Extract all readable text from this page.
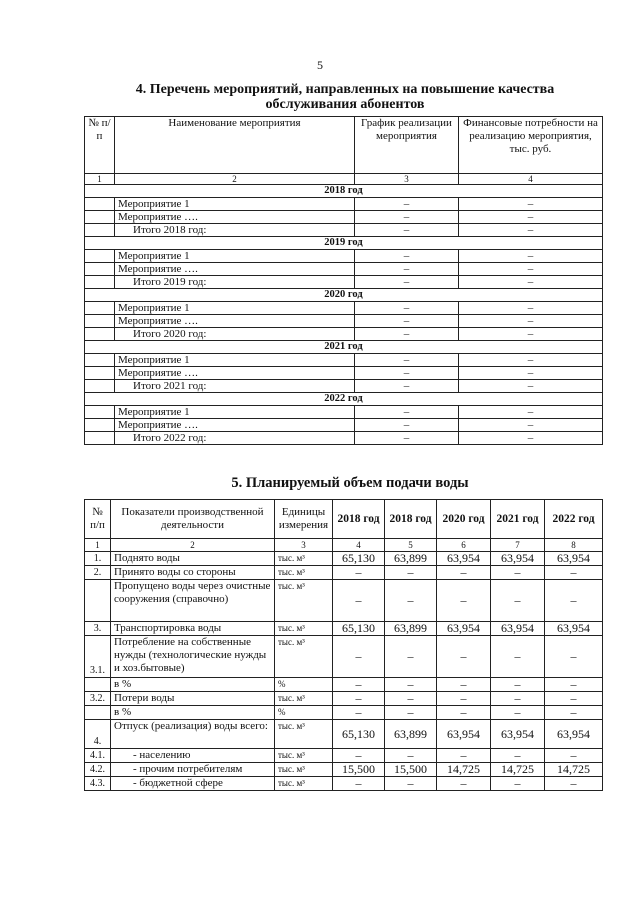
5
4. Перечень мероприятий, направленных на повышение качества обслуживания абонентов
№ п/п	Наименование мероприятия	График реализации мероприятия	Финансовые потребности на реализацию мероприятия, тыс. руб.
1	2	3	4
2018 год			
	Мероприятие 1	–	–
	Мероприятие ….	–	–
	Итого 2018 год:	–	–
2019 год			
	Мероприятие 1	–	–
	Мероприятие ….	–	–
	Итого 2019 год:	–	–
2020 год			
	Мероприятие 1	–	–
	Мероприятие ….	–	–
	Итого 2020 год:	–	–
2021 год			
	Мероприятие 1	–	–
	Мероприятие ….	–	–
	Итого 2021 год:	–	–
2022 год			
	Мероприятие 1	–	–
	Мероприятие ….	–	–
	Итого 2022 год:	–	–
5. Планируемый объем подачи воды
№ п/п	Показатели производственной деятельности	Единицы измерения	2018 год	2018 год	2020 год	2021 год	2022 год
1	2	3	4	5	6	7	8
1.	Поднято воды	тыс. м³	65,130	63,899	63,954	63,954	63,954
2.	Принято воды со стороны	тыс. м³	–	–	–	–	–
	Пропущено воды через очистные сооружения (справочно)	тыс. м³	–	–	–	–	–
3.	Транспортировка воды	тыс. м³	65,130	63,899	63,954	63,954	63,954
3.1.	Потребление на собственные нужды (технологические нужды и хоз.бытовые)	тыс. м³	–	–	–	–	–
	в %	%	–	–	–	–	–
3.2.	Потери воды	тыс. м³	–	–	–	–	–
	в %	%	–	–	–	–	–
4.	Отпуск (реализация) воды всего:	тыс. м³	65,130	63,899	63,954	63,954	63,954
4.1.	- населению	тыс. м³	–	–	–	–	–
4.2.	- прочим потребителям	тыс. м³	15,500	15,500	14,725	14,725	14,725
4.3.	- бюджетной сфере	тыс. м³	–	–	–	–	–
